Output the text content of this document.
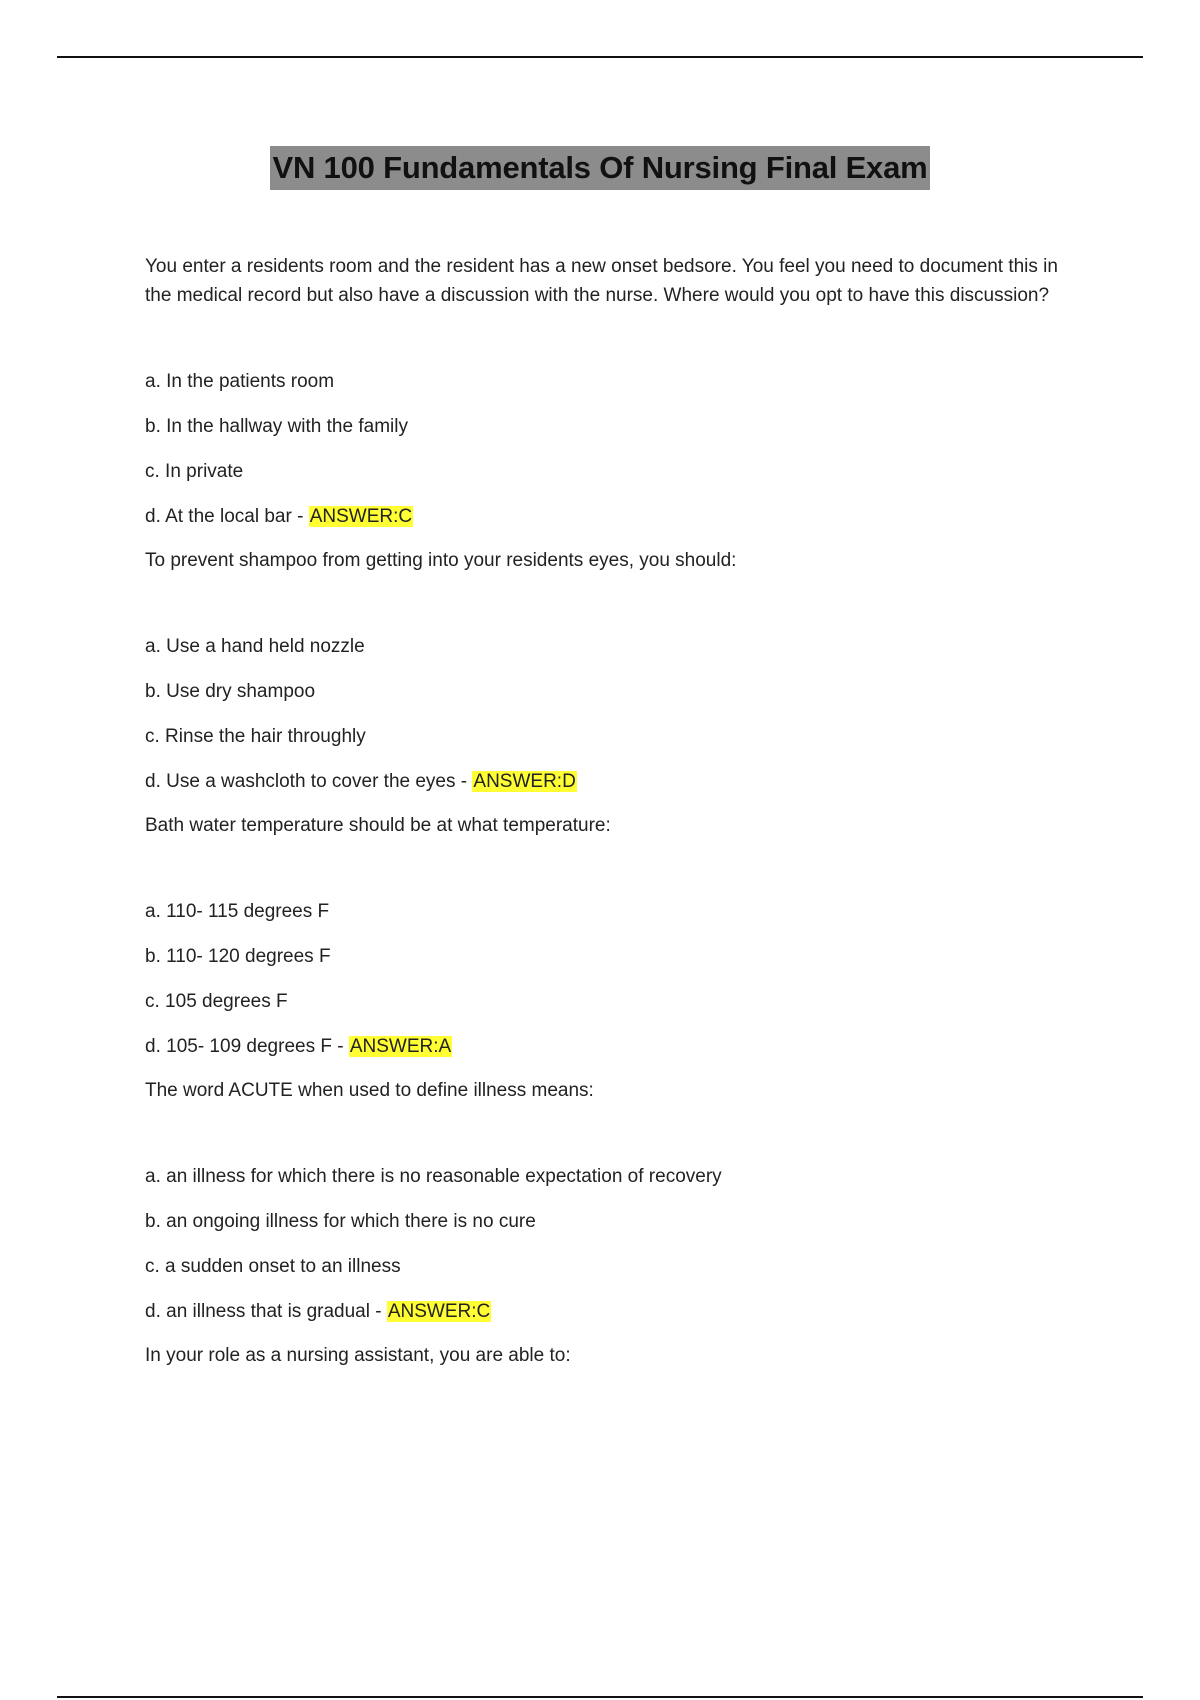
VN 100 Fundamentals Of Nursing Final Exam

You enter a residents room and the resident has a new onset bedsore. You feel you need to document this in the medical record but also have a discussion with the nurse. Where would you opt to have this discussion?

a. In the patients room

b. In the hallway with the family

c. In private

d. At the local bar - ANSWER:C

To prevent shampoo from getting into your residents eyes, you should:

a. Use a hand held nozzle

b. Use dry shampoo

c. Rinse the hair throughly

d. Use a washcloth to cover the eyes - ANSWER:D

Bath water temperature should be at what temperature:

a. 110- 115 degrees F

b. 110- 120 degrees F

c. 105 degrees F

d. 105- 109 degrees F - ANSWER:A

The word ACUTE when used to define illness means:

a. an illness for which there is no reasonable expectation of recovery

b. an ongoing illness for which there is no cure

c. a sudden onset to an illness

d. an illness that is gradual - ANSWER:C

In your role as a nursing assistant, you are able to:
